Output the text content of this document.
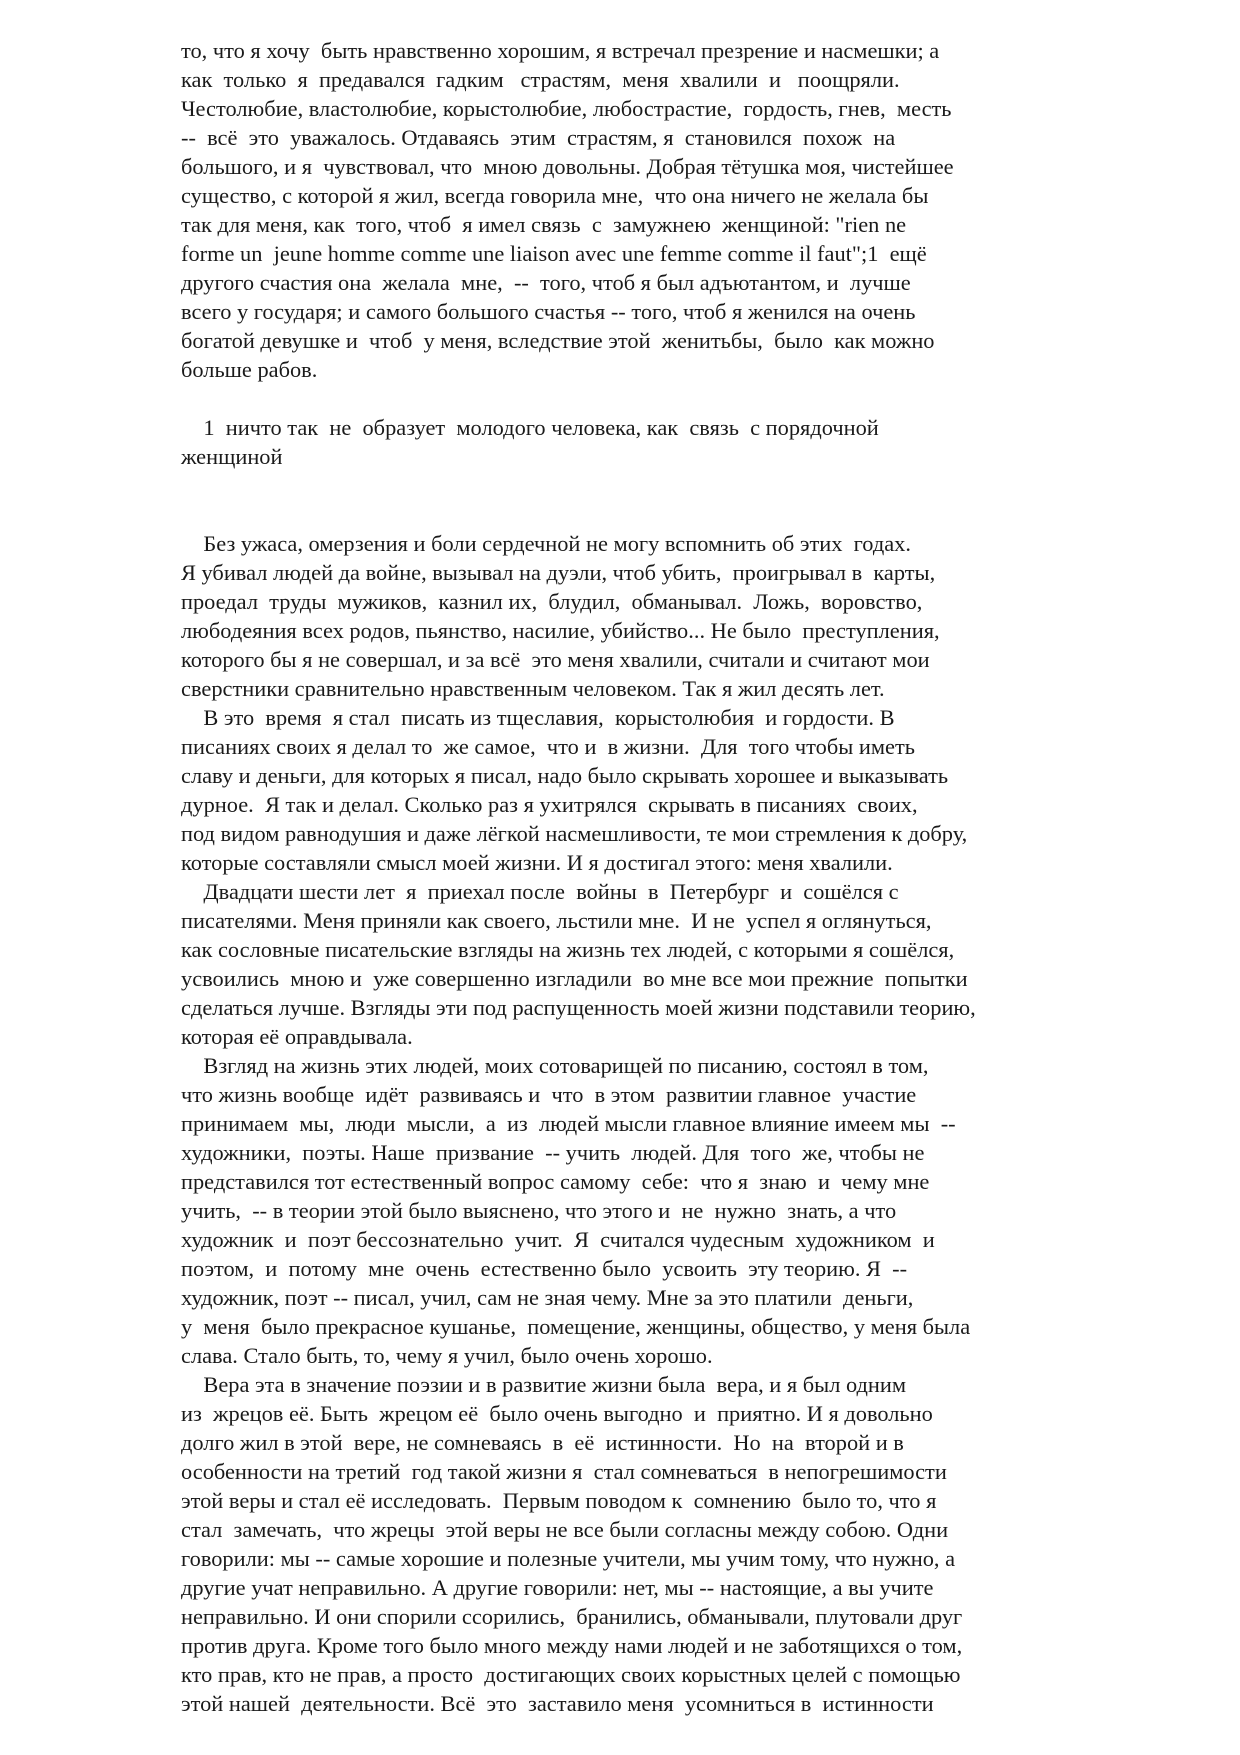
то, что я хочу  быть нравственно хорошим, я встречал презрение и насмешки; а
как  только  я  предавался  гадким   страстям,  меня  хвалили  и   поощряли.
Честолюбие, властолюбие, корыстолюбие, любострастие,  гордость, гнев,  месть
--  всё  это  уважалось. Отдаваясь  этим  страстям, я  становился  похож  на
большого, и я  чувствовал, что  мною довольны. Добрая тётушка моя, чистейшее
существо, с которой я жил, всегда говорила мне,  что она ничего не желала бы
так для меня, как  того, чтоб  я имел связь  с  замужнею  женщиной: "rien ne
forme un  jeune homme comme une liaison avec une femme comme il faut";1  ещё
другого счастия она  желала  мне,  --  того, чтоб я был адъютантом, и  лучше
всего у государя; и самого большого счастья -- того, чтоб я женился на очень
богатой девушке и  чтоб  у меня, вследствие этой  женитьбы,  было  как можно
больше рабов.
1  ничто так  не  образует  молодого человека, как  связь  с порядочной
женщиной
Без ужаса, омерзения и боли сердечной не могу вспомнить об этих  годах.
Я убивал людей да войне, вызывал на дуэли, чтоб убить,  проигрывал в  карты,
проедал  труды  мужиков,  казнил их,  блудил,  обманывал.  Ложь,  воровство,
любодеяния всех родов, пьянство, насилие, убийство... Не было  преступления,
которого бы я не совершал, и за всё  это меня хвалили, считали и считают мои
сверстники сравнительно нравственным человеком. Так я жил десять лет.
В это  время  я стал  писать из тщеславия,  корыстолюбия  и гордости. В
писаниях своих я делал то  же самое,  что и  в жизни.  Для  того чтобы иметь
славу и деньги, для которых я писал, надо было скрывать хорошее и выказывать
дурное.  Я так и делал. Сколько раз я ухитрялся  скрывать в писаниях  своих,
под видом равнодушия и даже лёгкой насмешливости, те мои стремления к добру,
которые составляли смысл моей жизни. И я достигал этого: меня хвалили.
Двадцати шести лет  я  приехал после  войны  в  Петербург  и  сошёлся с
писателями. Меня приняли как своего, льстили мне.  И не  успел я оглянуться,
как сословные писательские взгляды на жизнь тех людей, с которыми я сошёлся,
усвоились  мною и  уже совершенно изгладили  во мне все мои прежние  попытки
сделаться лучше. Взгляды эти под распущенность моей жизни подставили теорию,
которая её оправдывала.
Взгляд на жизнь этих людей, моих сотоварищей по писанию, состоял в том,
что жизнь вообще  идёт  развиваясь и  что  в этом  развитии главное  участие
принимаем  мы,  люди  мысли,  а  из  людей мысли главное влияние имеем мы  --
художники,  поэты. Наше  призвание  -- учить  людей. Для  того  же, чтобы не
представился тот естественный вопрос самому  себе:  что я  знаю  и  чему мне
учить,  -- в теории этой было выяснено, что этого и  не  нужно  знать, а что
художник  и  поэт бессознательно  учит.  Я  считался чудесным  художником  и
поэтом,  и  потому  мне  очень  естественно было  усвоить  эту теорию. Я  --
художник, поэт -- писал, учил, сам не зная чему. Мне за это платили  деньги,
у  меня  было прекрасное кушанье,  помещение, женщины, общество, у меня была
слава. Стало быть, то, чему я учил, было очень хорошо.
Вера эта в значение поэзии и в развитие жизни была  вера, и я был одним
из  жрецов её. Быть  жрецом её  было очень выгодно  и  приятно. И я довольно
долго жил в этой  вере, не сомневаясь  в  её  истинности.  Но  на  второй и в
особенности на третий  год такой жизни я  стал сомневаться  в непогрешимости
этой веры и стал её исследовать.  Первым поводом к  сомнению  было то, что я
стал  замечать,  что жрецы  этой веры не все были согласны между собою. Одни
говорили: мы -- самые хорошие и полезные учители, мы учим тому, что нужно, а
другие учат неправильно. А другие говорили: нет, мы -- настоящие, а вы учите
неправильно. И они спорили ссорились,  бранились, обманывали, плутовали друг
против друга. Кроме того было много между нами людей и не заботящихся о том,
кто прав, кто не прав, а просто  достигающих своих корыстных целей с помощью
этой нашей  деятельности. Всё  это  заставило меня  усомниться в  истинности
